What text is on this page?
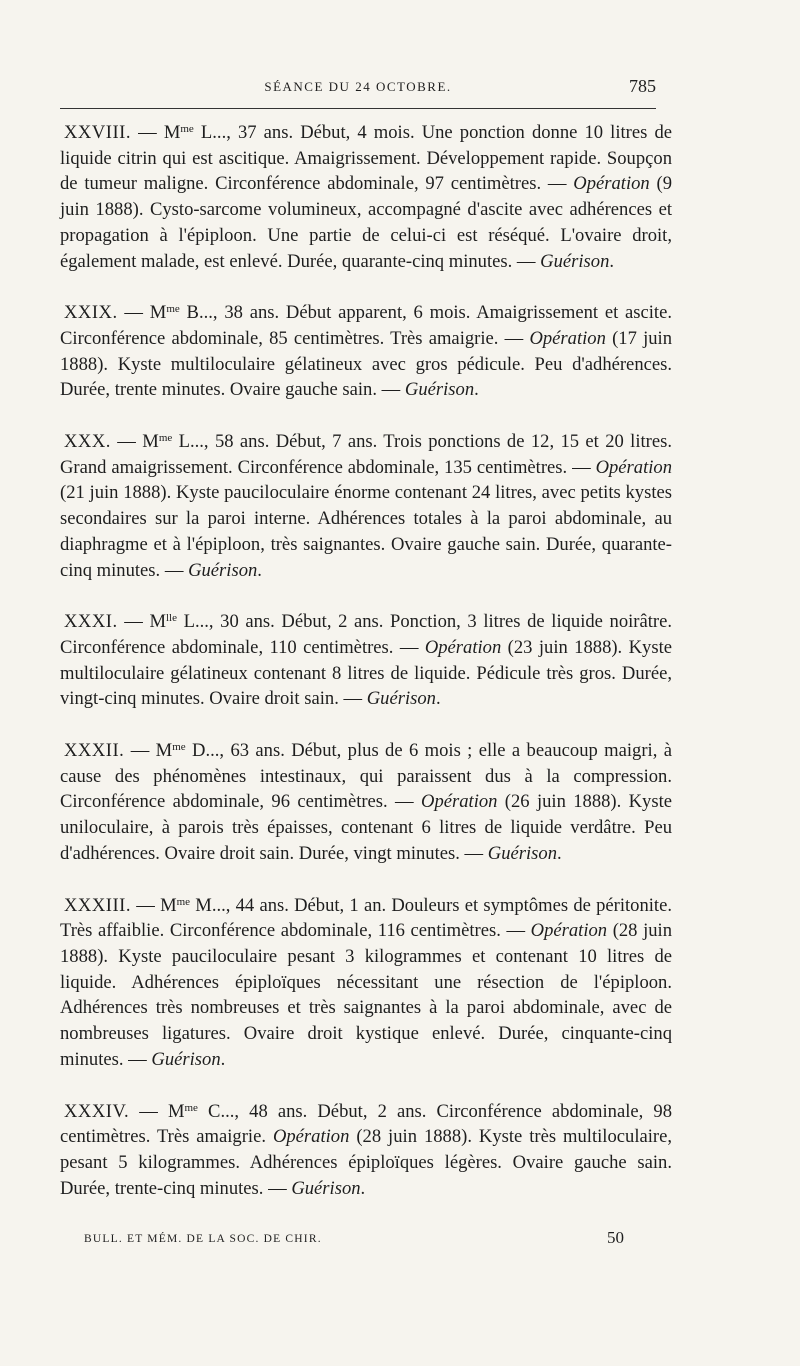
SÉANCE DU 24 OCTOBRE.	785

XXVIII. — $M^{me}$ L..., 37 ans. Début, 4 mois. Une ponction donne 10 litres de liquide citrin qui est ascitique. Amaigrissement. Développement rapide. Soupçon de tumeur maligne. Circonférence abdominale, 97 centimètres. — Opération (9 juin 1888). Cysto-sarcome volumineux, accompagné d'ascite avec adhérences et propagation à l'épiploon. Une partie de celui-ci est réséqué. L'ovaire droit, également malade, est enlevé. Durée, quarante-cinq minutes. — Guérison.

XXIX. — $M^{me}$ B..., 38 ans. Début apparent, 6 mois. Amaigrissement et ascite. Circonférence abdominale, 85 centimètres. Très amaigrie. — Opération (17 juin 1888). Kyste multiloculaire gélatineux avec gros pédicule. Peu d'adhérences. Durée, trente minutes. Ovaire gauche sain. — Guérison.

XXX. — $M^{me}$ L..., 58 ans. Début, 7 ans. Trois ponctions de 12, 15 et 20 litres. Grand amaigrissement. Circonférence abdominale, 135 centimètres. — Opération (21 juin 1888). Kyste pauciloculaire énorme contenant 24 litres, avec petits kystes secondaires sur la paroi interne. Adhérences totales à la paroi abdominale, au diaphragme et à l'épiploon, très saignantes. Ovaire gauche sain. Durée, quarante-cinq minutes. — Guérison.

XXXI. — $M^{lle}$ L..., 30 ans. Début, 2 ans. Ponction, 3 litres de liquide noirâtre. Circonférence abdominale, 110 centimètres. — Opération (23 juin 1888). Kyste multiloculaire gélatineux contenant 8 litres de liquide. Pédicule très gros. Durée, vingt-cinq minutes. Ovaire droit sain. — Guérison.

XXXII. — $M^{me}$ D..., 63 ans. Début, plus de 6 mois ; elle a beaucoup maigri, à cause des phénomènes intestinaux, qui paraissent dus à la compression. Circonférence abdominale, 96 centimètres. — Opération (26 juin 1888). Kyste uniloculaire, à parois très épaisses, contenant 6 litres de liquide verdâtre. Peu d'adhérences. Ovaire droit sain. Durée, vingt minutes. — Guérison.

XXXIII. — $M^{me}$ M..., 44 ans. Début, 1 an. Douleurs et symptômes de péritonite. Très affaiblie. Circonférence abdominale, 116 centimètres. — Opération (28 juin 1888). Kyste pauciloculaire pesant 3 kilogrammes et contenant 10 litres de liquide. Adhérences épiploïques nécessitant une résection de l'épiploon. Adhérences très nombreuses et très saignantes à la paroi abdominale, avec de nombreuses ligatures. Ovaire droit kystique enlevé. Durée, cinquante-cinq minutes. — Guérison.

XXXIV. — $M^{me}$ C..., 48 ans. Début, 2 ans. Circonférence abdominale, 98 centimètres. Très amaigrie. Opération (28 juin 1888). Kyste très multiloculaire, pesant 5 kilogrammes. Adhérences épiploïques légères. Ovaire gauche sain. Durée, trente-cinq minutes. — Guérison.

BULL. ET MÉM. DE LA SOC. DE CHIR.	50
